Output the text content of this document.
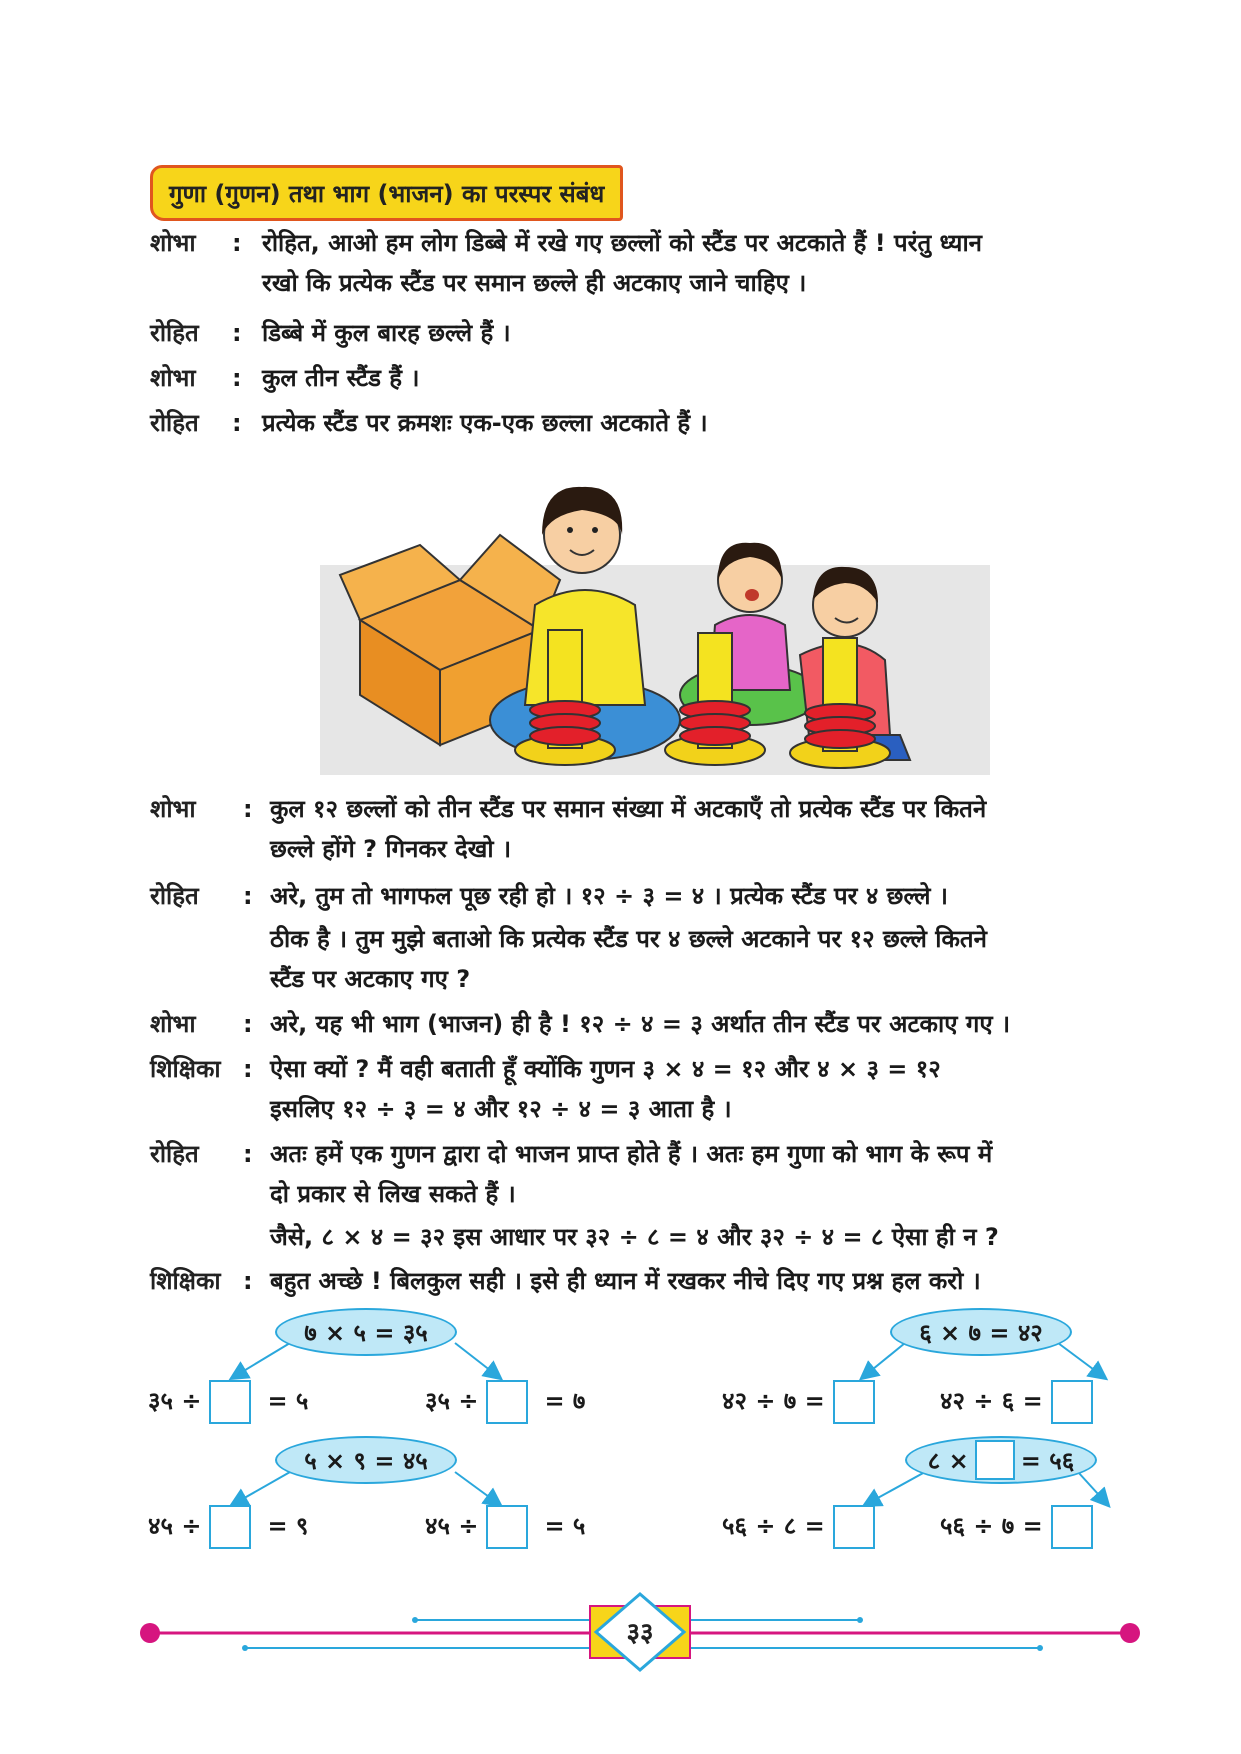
गुणा (गुणन) तथा भाग (भाजन) का परस्पर संबंध
शोभा : रोहित, आओ हम लोग डिब्बे में रखे गए छल्लों को स्टैंड पर अटकाते हैं ! परंतु ध्यान
रखो कि प्रत्येक स्टैंड पर समान छल्ले ही अटकाए जाने चाहिए ।
रोहित : डिब्बे में कुल बारह छल्ले हैं ।
शोभा : कुल तीन स्टैंड हैं ।
रोहित : प्रत्येक स्टैंड पर क्रमशः एक-एक छल्ला अटकाते हैं ।
शोभा : कुल १२ छल्लों को तीन स्टैंड पर समान संख्या में अटकाएँ तो प्रत्येक स्टैंड पर कितने
छल्ले होंगे ? गिनकर देखो ।
रोहित : अरे, तुम तो भागफल पूछ रही हो । १२ ÷ ३ = ४ । प्रत्येक स्टैंड पर ४ छल्ले ।
ठीक है । तुम मुझे बताओ कि प्रत्येक स्टैंड पर ४ छल्ले अटकाने पर १२ छल्ले कितने
स्टैंड पर अटकाए गए ?
शोभा : अरे, यह भी भाग (भाजन) ही है ! १२ ÷ ४ = ३ अर्थात तीन स्टैंड पर अटकाए गए ।
शिक्षिका : ऐसा क्यों ? मैं वही बताती हूँ क्योंकि गुणन ३ × ४ = १२ और ४ × ३ = १२
इसलिए १२ ÷ ३ = ४ और १२ ÷ ४ = ३ आता है ।
रोहित : अतः हमें एक गुणन द्वारा दो भाजन प्राप्त होते हैं । अतः हम गुणा को भाग के रूप में
दो प्रकार से लिख सकते हैं ।
जैसे, ८ × ४ = ३२ इस आधार पर ३२ ÷ ८ = ४ और ३२ ÷ ४ = ८ ऐसा ही न ?
शिक्षिका : बहुत अच्छे ! बिलकुल सही । इसे ही ध्यान में रखकर नीचे दिए गए प्रश्न हल करो ।
७ × ५ = ३५
३५ ÷	= ५	३५ ÷	= ७
६ × ७ = ४२
४२ ÷ ७ =	४२ ÷ ६ =
५ × ९ = ४५
४५ ÷	= ९	४५ ÷	= ५
८ × = ५६
५६ ÷ ८ =	५६ ÷ ७ =
३३
